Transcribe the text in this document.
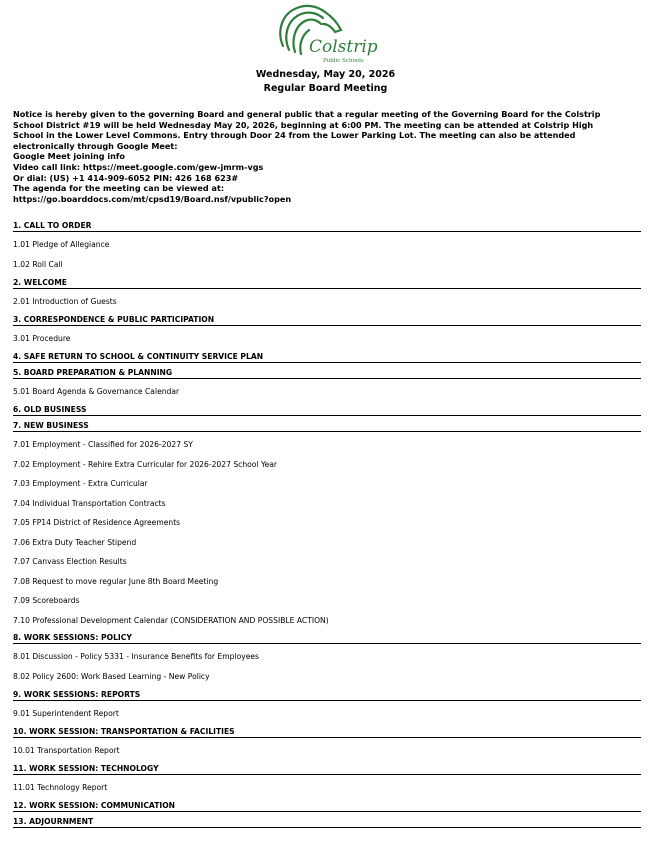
Colstrip
Public Schools
Wednesday, May 20, 2026
Regular Board Meeting
Notice is hereby given to the governing Board and general public that a regular meeting of the Governing Board for the Colstrip
School District #19 will be held Wednesday May 20, 2026, beginning at 6:00 PM. The meeting can be attended at Colstrip High
School in the Lower Level Commons. Entry through Door 24 from the Lower Parking Lot. The meeting can also be attended
electronically through Google Meet:
Google Meet joining info
Video call link: https://meet.google.com/gew-jmrm-vgs
Or dial: (US) +1 414-909-6052 PIN: 426 168 623#
The agenda for the meeting can be viewed at:
https://go.boarddocs.com/mt/cpsd19/Board.nsf/vpublic?open
1. CALL TO ORDER
1.01 Pledge of Allegiance
1.02 Roll Call
2. WELCOME
2.01 Introduction of Guests
3. CORRESPONDENCE & PUBLIC PARTICIPATION
3.01 Procedure
4. SAFE RETURN TO SCHOOL & CONTINUITY SERVICE PLAN
5. BOARD PREPARATION & PLANNING
5.01 Board Agenda & Governance Calendar
6. OLD BUSINESS
7. NEW BUSINESS
7.01 Employment - Classified for 2026-2027 SY
7.02 Employment - Rehire Extra Curricular for 2026-2027 School Year
7.03 Employment - Extra Curricular
7.04 Individual Transportation Contracts
7.05 FP14 District of Residence Agreements
7.06 Extra Duty Teacher Stipend
7.07 Canvass Election Results
7.08 Request to move regular June 8th Board Meeting
7.09 Scoreboards
7.10 Professional Development Calendar (CONSIDERATION AND POSSIBLE ACTION)
8. WORK SESSIONS: POLICY
8.01 Discussion - Policy 5331 - Insurance Benefits for Employees
8.02 Policy 2600: Work Based Learning - New Policy
9. WORK SESSIONS: REPORTS
9.01 Superintendent Report
10. WORK SESSION: TRANSPORTATION & FACILITIES
10.01 Transportation Report
11. WORK SESSION: TECHNOLOGY
11.01 Technology Report
12. WORK SESSION: COMMUNICATION
13. ADJOURNMENT
